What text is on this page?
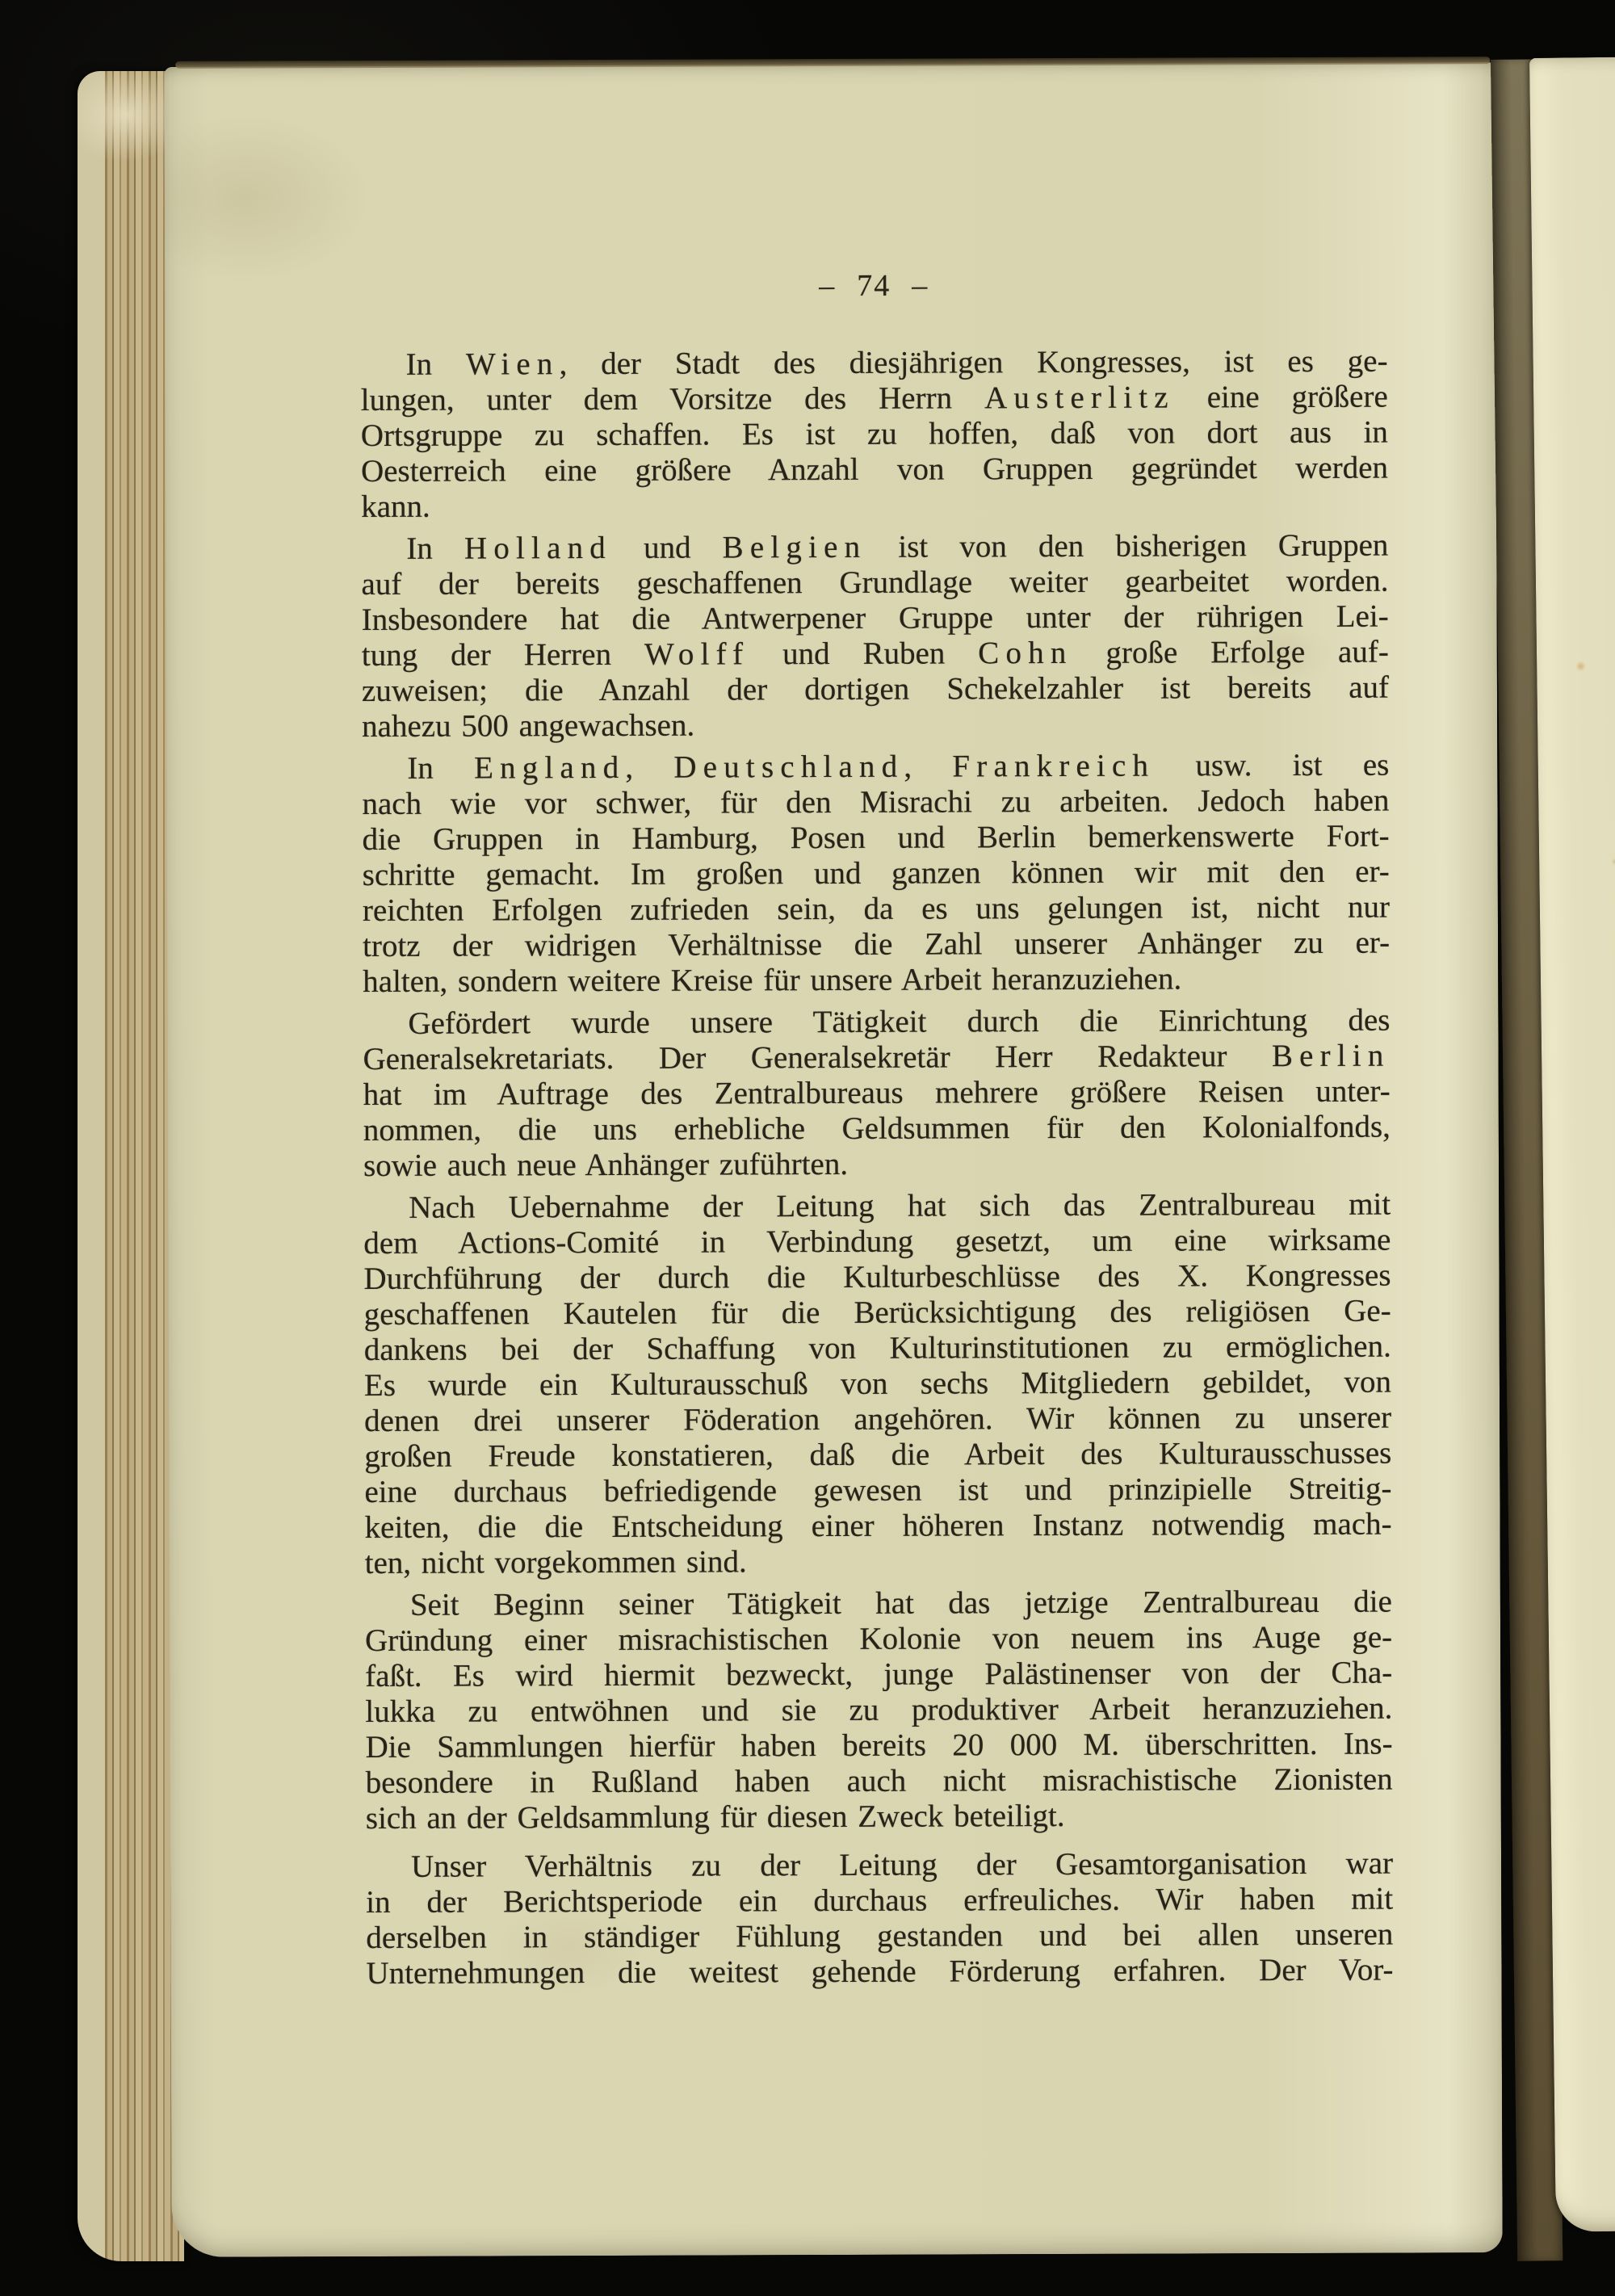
– 74 –
In Wien, der Stadt des diesjährigen Kongresses, ist es ge-
lungen, unter dem Vorsitze des Herrn Austerlitz eine größere
Ortsgruppe zu schaffen. Es ist zu hoffen, daß von dort aus in
Oesterreich eine größere Anzahl von Gruppen gegründet werden
kann.
In Holland und Belgien ist von den bisherigen Gruppen
auf der bereits geschaffenen Grundlage weiter gearbeitet worden.
Insbesondere hat die Antwerpener Gruppe unter der rührigen Lei-
tung der Herren Wolff und Ruben Cohn große Erfolge auf-
zuweisen; die Anzahl der dortigen Schekelzahler ist bereits auf
nahezu 500 angewachsen.
In England, Deutschland, Frankreich usw. ist es
nach wie vor schwer, für den Misrachi zu arbeiten. Jedoch haben
die Gruppen in Hamburg, Posen und Berlin bemerkenswerte Fort-
schritte gemacht. Im großen und ganzen können wir mit den er-
reichten Erfolgen zufrieden sein, da es uns gelungen ist, nicht nur
trotz der widrigen Verhältnisse die Zahl unserer Anhänger zu er-
halten, sondern weitere Kreise für unsere Arbeit heranzuziehen.
Gefördert wurde unsere Tätigkeit durch die Einrichtung des
Generalsekretariats. Der Generalsekretär Herr Redakteur Berlin
hat im Auftrage des Zentralbureaus mehrere größere Reisen unter-
nommen, die uns erhebliche Geldsummen für den Kolonialfonds,
sowie auch neue Anhänger zuführten.
Nach Uebernahme der Leitung hat sich das Zentralbureau mit
dem Actions-Comité in Verbindung gesetzt, um eine wirksame
Durchführung der durch die Kulturbeschlüsse des X. Kongresses
geschaffenen Kautelen für die Berücksichtigung des religiösen Ge-
dankens bei der Schaffung von Kulturinstitutionen zu ermöglichen.
Es wurde ein Kulturausschuß von sechs Mitgliedern gebildet, von
denen drei unserer Föderation angehören. Wir können zu unserer
großen Freude konstatieren, daß die Arbeit des Kulturausschusses
eine durchaus befriedigende gewesen ist und prinzipielle Streitig-
keiten, die die Entscheidung einer höheren Instanz notwendig mach-
ten, nicht vorgekommen sind.
Seit Beginn seiner Tätigkeit hat das jetzige Zentralbureau die
Gründung einer misrachistischen Kolonie von neuem ins Auge ge-
faßt. Es wird hiermit bezweckt, junge Palästinenser von der Cha-
lukka zu entwöhnen und sie zu produktiver Arbeit heranzuziehen.
Die Sammlungen hierfür haben bereits 20 000 M. überschritten. Ins-
besondere in Rußland haben auch nicht misrachistische Zionisten
sich an der Geldsammlung für diesen Zweck beteiligt.
Unser Verhältnis zu der Leitung der Gesamtorganisation war
in der Berichtsperiode ein durchaus erfreuliches. Wir haben mit
derselben in ständiger Fühlung gestanden und bei allen unseren
Unternehmungen die weitest gehende Förderung erfahren. Der Vor-
